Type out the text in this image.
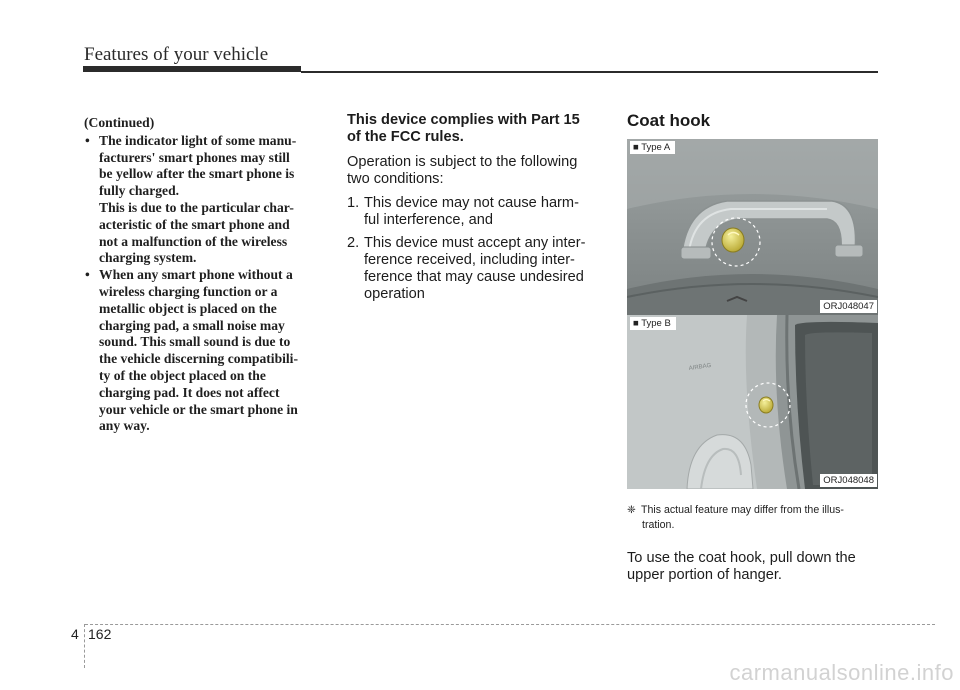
Features of your vehicle
(Continued)
• The indicator light of some manu-
facturers' smart phones may still
be yellow after the smart phone is
fully charged.
This is due to the particular char-
acteristic of the smart phone and
not a malfunction of the wireless
charging system.
• When any smart phone without a
wireless charging function or a
metallic object is placed on the
charging pad, a small noise may
sound. This small sound is due to
the vehicle discerning compatibili-
ty of the object placed on the
charging pad. It does not affect
your vehicle or the smart phone in
any way.
This device complies with Part 15
of the FCC rules.

Operation is subject to the following
two conditions:

1. This device may not cause harm-
ful interference, and
2. This device must accept any inter-
ference received, including inter-
ference that may cause undesired
operation
Coat hook
■ Type A
ORJ048047
AIRBAG
■ Type B
ORJ048048
❈ This actual feature may differ from the illus-
tration.
To use the coat hook, pull down the
upper portion of hanger.
4 162
carmanualsonline.info
